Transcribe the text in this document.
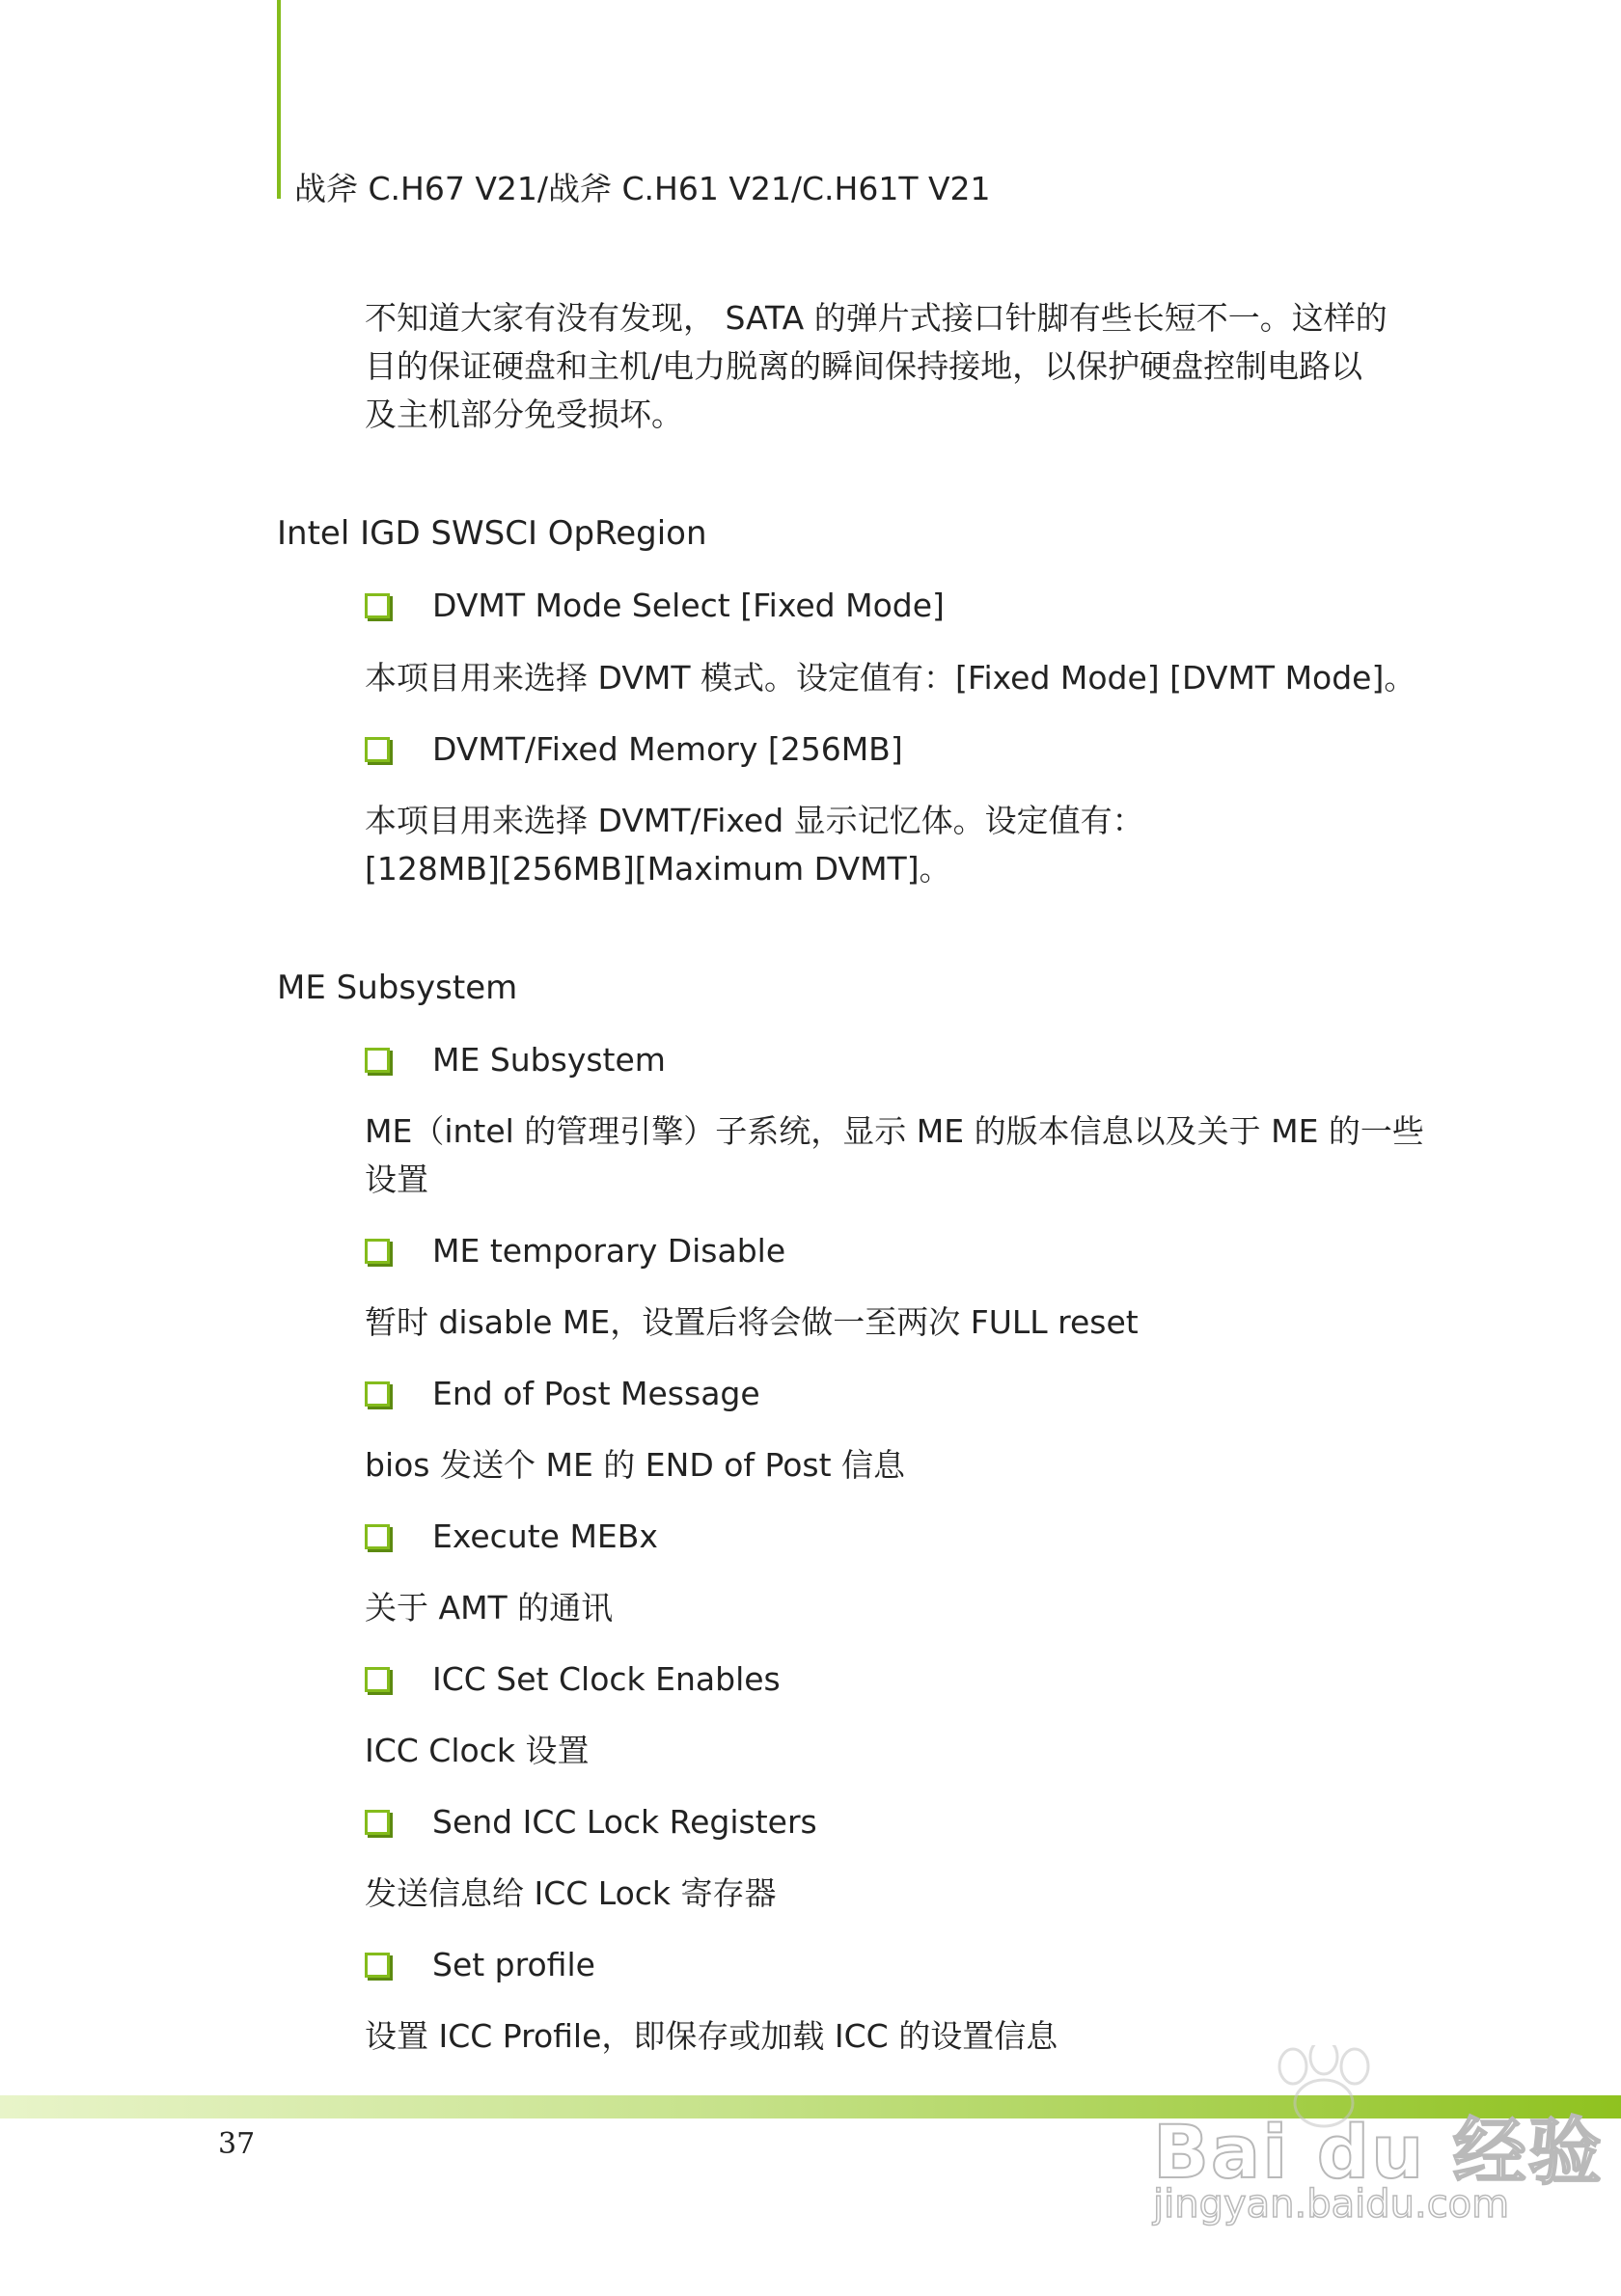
战斧 C.H67 V21/战斧 C.H61 V21/C.H61T V21
不知道大家有没有发现， SATA 的弹片式接口针脚有些长短不一。这样的
目的保证硬盘和主机/电力脱离的瞬间保持接地，以保护硬盘控制电路以
及主机部分免受损坏。
Intel IGD SWSCI OpRegion
DVMT Mode Select [Fixed Mode]
本项目用来选择 DVMT 模式。设定值有：[Fixed Mode] [DVMT Mode]。
DVMT/Fixed Memory [256MB]
本项目用来选择 DVMT/Fixed 显示记忆体。设定值有：
[128MB][256MB][Maximum DVMT]。
ME Subsystem
ME Subsystem
ME（intel 的管理引擎）子系统，显示 ME 的版本信息以及关于 ME 的一些
设置
ME temporary Disable
暂时 disable ME，设置后将会做一至两次 FULL reset
End of Post Message
bios 发送个 ME 的 END of Post 信息
Execute MEBx
关于 AMT 的通讯
ICC Set Clock Enables
ICC Clock 设置
Send ICC Lock Registers
发送信息给 ICC Lock 寄存器
Set profile
设置 ICC Profile，即保存或加载 ICC 的设置信息
37	Bai du 经验
jingyan.baidu.com
